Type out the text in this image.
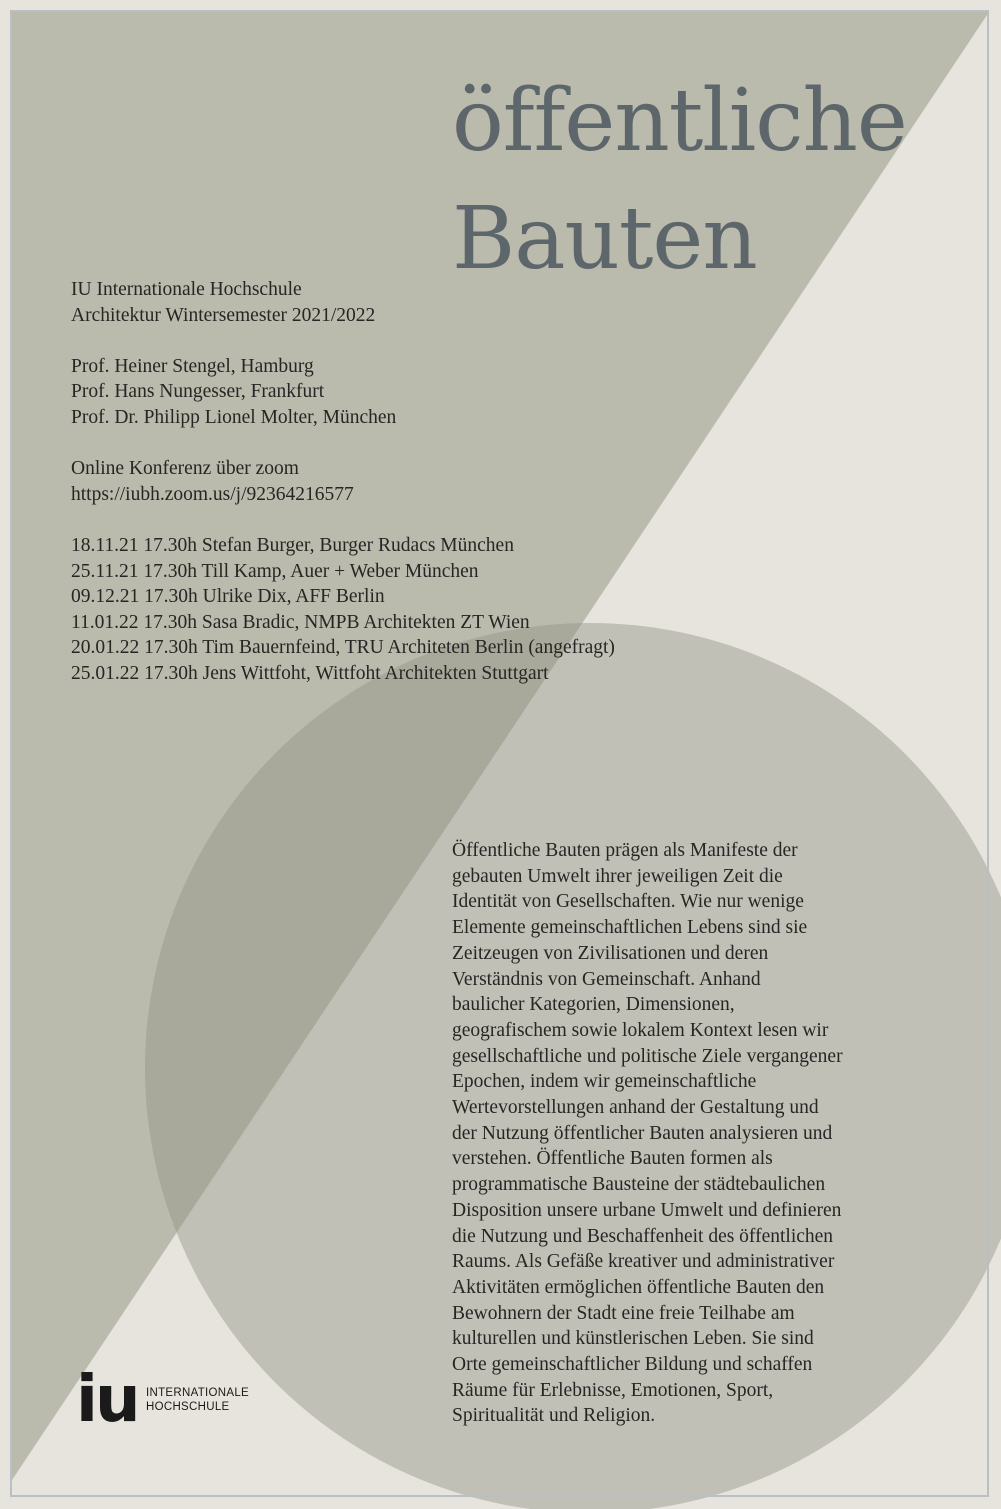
öffentliche
Bauten
IU Internationale Hochschule
Architektur Wintersemester 2021/2022
Prof. Heiner Stengel, Hamburg
Prof. Hans Nungesser, Frankfurt
Prof. Dr. Philipp Lionel Molter, München
Online Konferenz über zoom
https://iubh.zoom.us/j/92364216577
18.11.21 17.30h Stefan Burger, Burger Rudacs München
25.11.21 17.30h Till Kamp, Auer + Weber München
09.12.21 17.30h Ulrike Dix, AFF Berlin
11.01.22 17.30h Sasa Bradic, NMPB Architekten ZT Wien
20.01.22 17.30h Tim Bauernfeind, TRU Architeten Berlin (angefragt)
25.01.22 17.30h Jens Wittfoht, Wittfoht Architekten Stuttgart

Öffentliche Bauten prägen als Manifeste der
gebauten Umwelt ihrer jeweiligen Zeit die
Identität von Gesellschaften. Wie nur wenige
Elemente gemeinschaftlichen Lebens sind sie
Zeitzeugen von Zivilisationen und deren
Verständnis von Gemeinschaft. Anhand
baulicher Kategorien, Dimensionen,
geografischem sowie lokalem Kontext lesen wir
gesellschaftliche und politische Ziele vergangener
Epochen, indem wir gemeinschaftliche
Wertevorstellungen anhand der Gestaltung und
der Nutzung öffentlicher Bauten analysieren und
verstehen. Öffentliche Bauten formen als
programmatische Bausteine der städtebaulichen
Disposition unsere urbane Umwelt und definieren
die Nutzung und Beschaffenheit des öffentlichen
Raums. Als Gefäße kreativer und administrativer
Aktivitäten ermöglichen öffentliche Bauten den
Bewohnern der Stadt eine freie Teilhabe am
kulturellen und künstlerischen Leben. Sie sind
Orte gemeinschaftlicher Bildung und schaffen
Räume für Erlebnisse, Emotionen, Sport,
Spiritualität und Religion.

iu INTERNATIONALE
HOCHSCHULE
